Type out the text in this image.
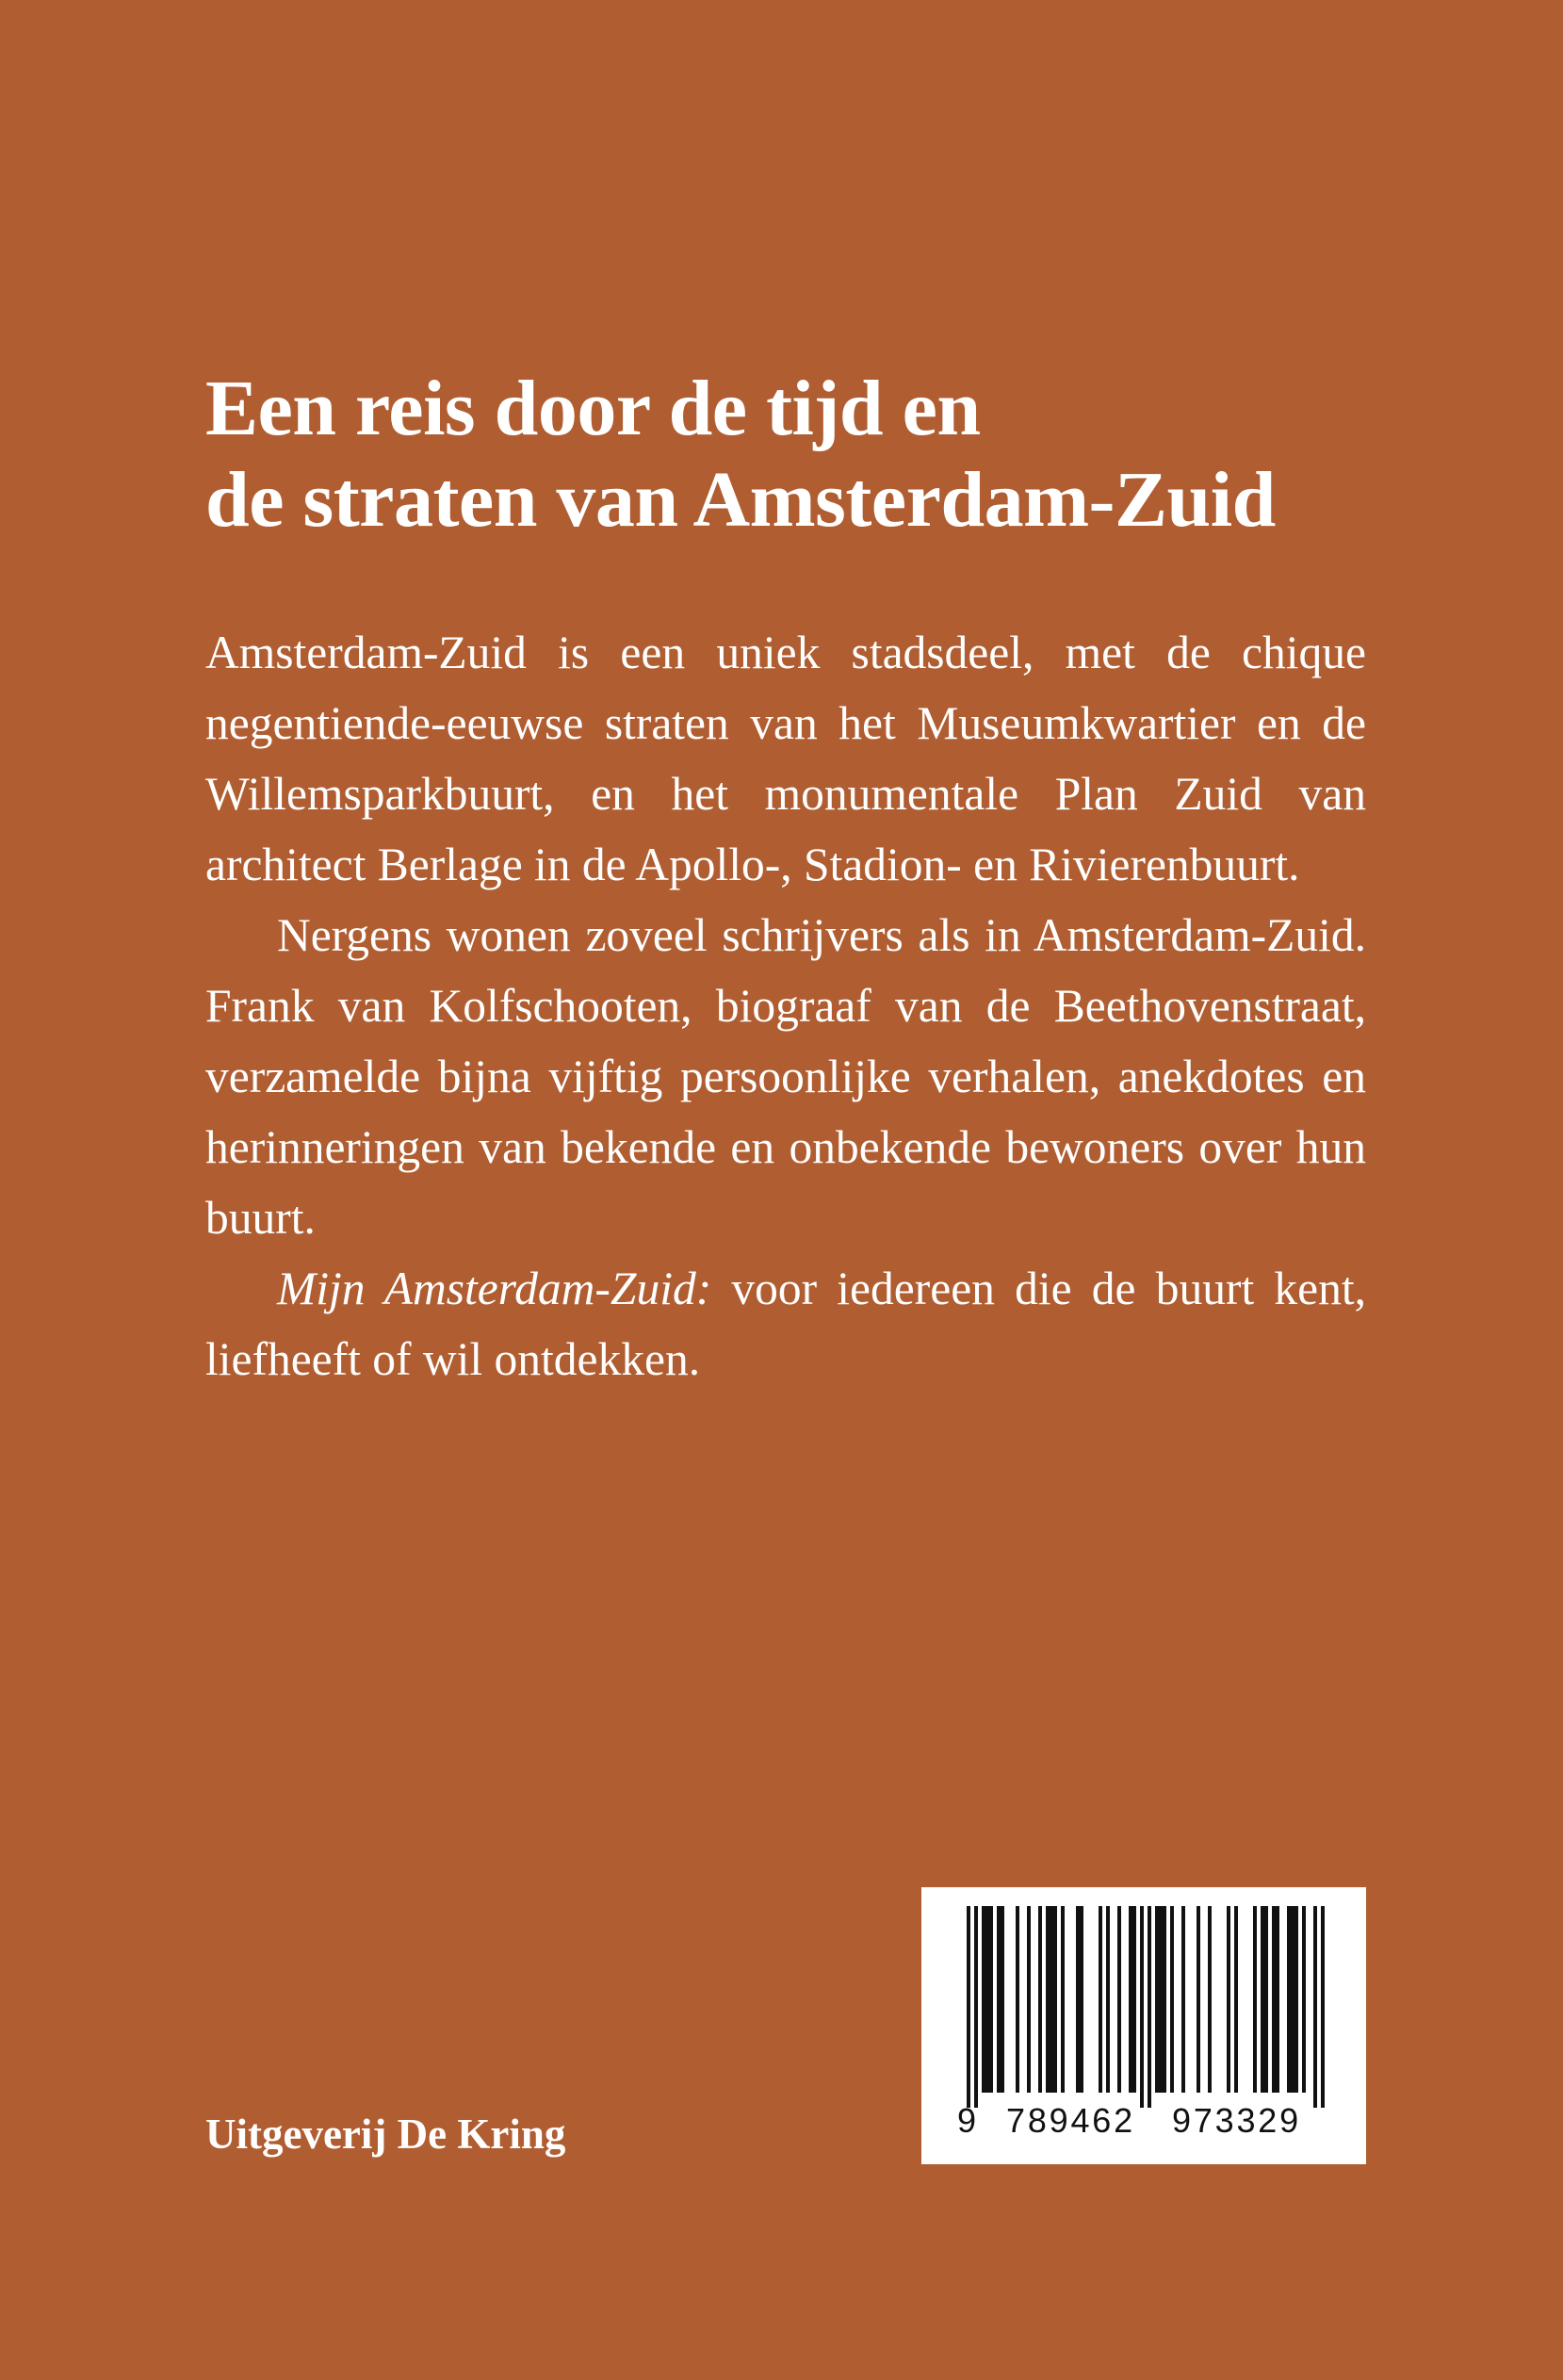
Een reis door de tijd en
de straten van Amsterdam-Zuid

Amsterdam-Zuid is een uniek stadsdeel, met de chique negentiende-eeuwse straten van het Museumkwartier en de Willemsparkbuurt, en het monumentale Plan Zuid van architect Berlage in de Apollo-, Stadion- en Rivierenbuurt.

Nergens wonen zoveel schrijvers als in Amsterdam-Zuid. Frank van Kolfschooten, biograaf van de Beethovenstraat, verzamelde bijna vijftig persoonlijke verhalen, anekdotes en herinneringen van bekende en onbekende bewoners over hun buurt.

Mijn Amsterdam-Zuid: voor iedereen die de buurt kent, liefheeft of wil ontdekken.

Uitgeverij De Kring	9 789462 973329
